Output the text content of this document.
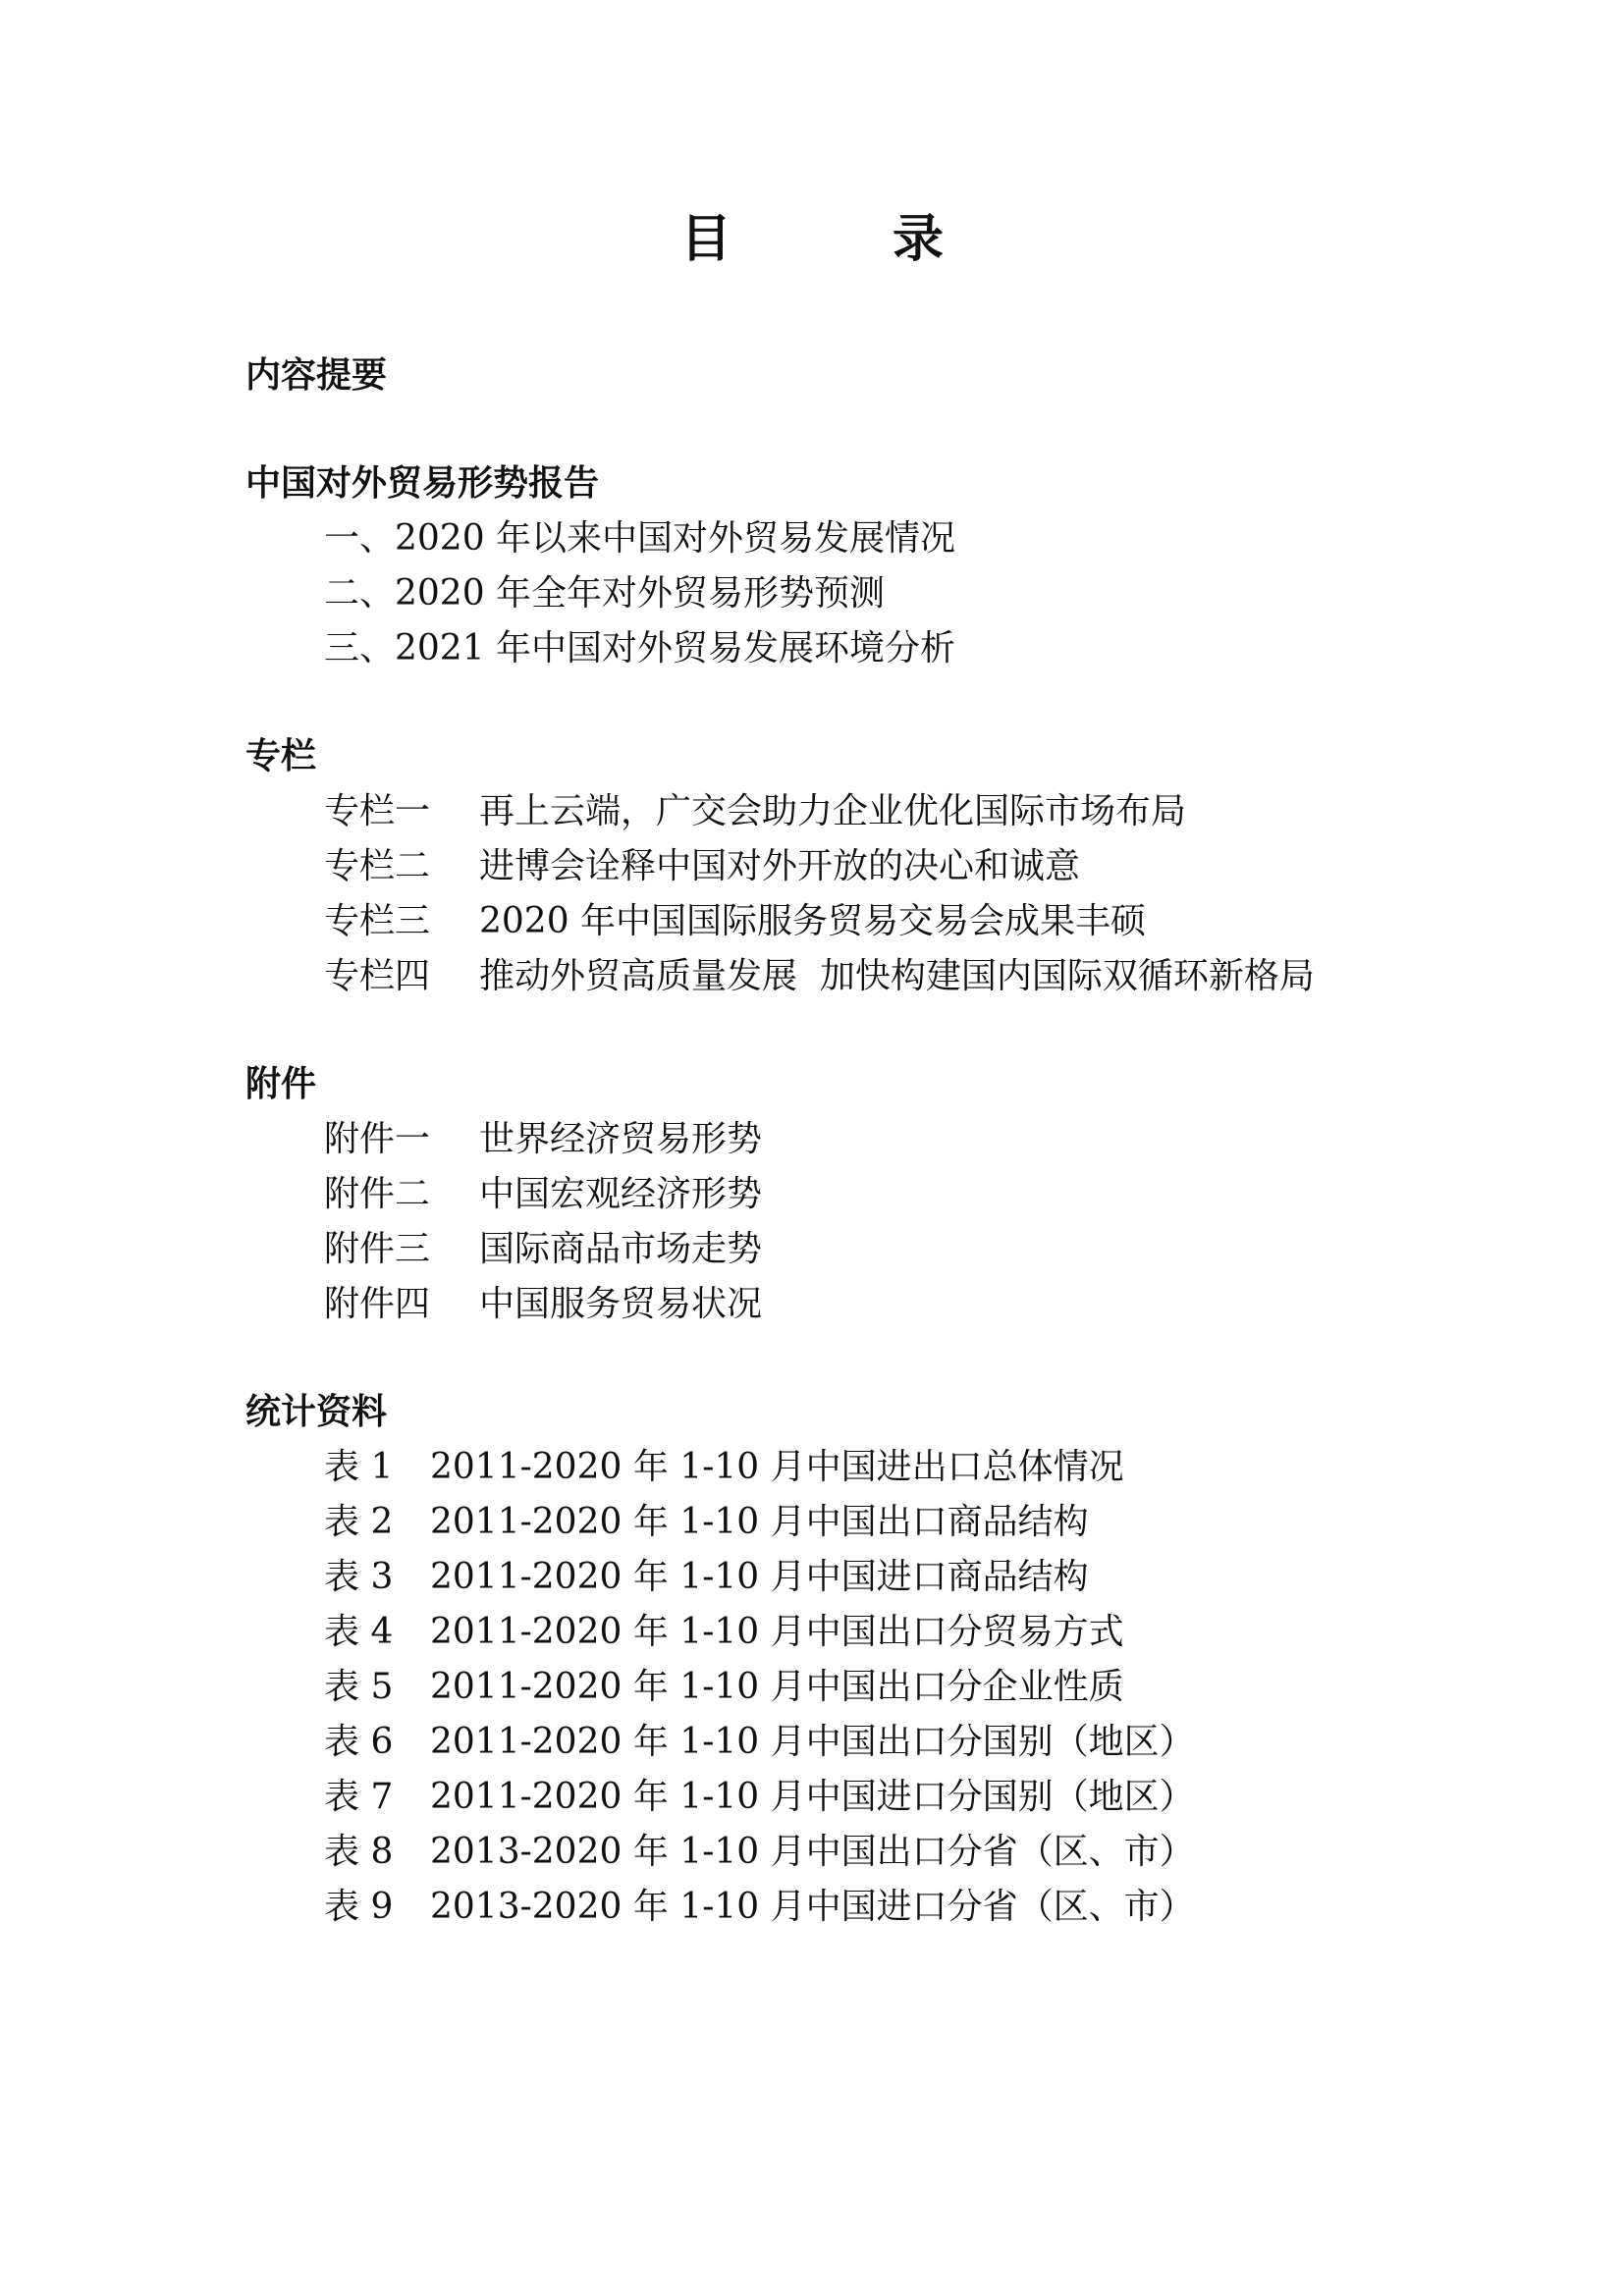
目　录
内容提要
中国对外贸易形势报告
一、2020 年以来中国对外贸易发展情况
二、2020 年全年对外贸易形势预测
三、2021 年中国对外贸易发展环境分析
专栏
专栏一	再上云端，广交会助力企业优化国际市场布局
专栏二	进博会诠释中国对外开放的决心和诚意
专栏三	2020 年中国国际服务贸易交易会成果丰硕
专栏四	推动外贸高质量发展  加快构建国内国际双循环新格局
附件
附件一	世界经济贸易形势
附件二	中国宏观经济形势
附件三	国际商品市场走势
附件四	中国服务贸易状况
统计资料
表 1	2011-2020 年 1-10 月中国进出口总体情况
表 2	2011-2020 年 1-10 月中国出口商品结构
表 3	2011-2020 年 1-10 月中国进口商品结构
表 4	2011-2020 年 1-10 月中国出口分贸易方式
表 5	2011-2020 年 1-10 月中国出口分企业性质
表 6	2011-2020 年 1-10 月中国出口分国别（地区）
表 7	2011-2020 年 1-10 月中国进口分国别（地区）
表 8	2013-2020 年 1-10 月中国出口分省（区、市）
表 9	2013-2020 年 1-10 月中国进口分省（区、市）
